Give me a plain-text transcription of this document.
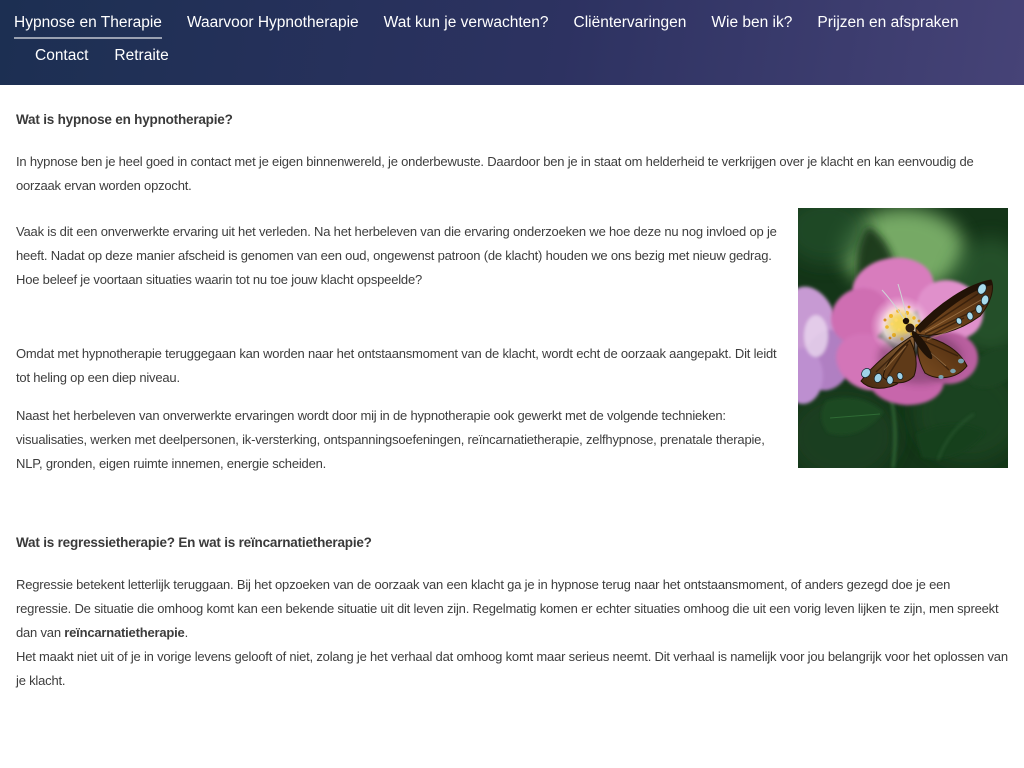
Hypnose en Therapie Waarvoor Hypnotherapie Wat kun je verwachten? Cliëntervaringen Wie ben ik? Prijzen en afspraken
Contact Retraite
Wat is hypnose en hypnotherapie?

In hypnose ben je heel goed in contact met je eigen binnenwereld, je onderbewuste. Daardoor ben je in staat om helderheid te verkrijgen over je klacht en kan eenvoudig de oorzaak ervan worden opzocht.

Vaak is dit een onverwerkte ervaring uit het verleden. Na het herbeleven van die ervaring onderzoeken we hoe deze nu nog invloed op je heeft. Nadat op deze manier afscheid is genomen van een oud, ongewenst patroon (de klacht) houden we ons bezig met nieuw gedrag. Hoe beleef je voortaan situaties waarin tot nu toe jouw klacht opspeelde?

Omdat met hypnotherapie teruggegaan kan worden naar het ontstaansmoment van de klacht, wordt echt de oorzaak aangepakt. Dit leidt tot heling op een diep niveau.

Naast het herbeleven van onverwerkte ervaringen wordt door mij in de hypnotherapie ook gewerkt met de volgende technieken: visualisaties, werken met deelpersonen, ik-versterking, ontspanningsoefeningen, reïncarnatietherapie, zelfhypnose, prenatale therapie, NLP, gronden, eigen ruimte innemen, energie scheiden.

Wat is regressietherapie? En wat is reïncarnatietherapie?

Regressie betekent letterlijk teruggaan. Bij het opzoeken van de oorzaak van een klacht ga je in hypnose terug naar het ontstaansmoment, of anders gezegd doe je een regressie. De situatie die omhoog komt kan een bekende situatie uit dit leven zijn. Regelmatig komen er echter situaties omhoog die uit een vorig leven lijken te zijn, men spreekt dan van reïncarnatietherapie.
Het maakt niet uit of je in vorige levens gelooft of niet, zolang je het verhaal dat omhoog komt maar serieus neemt. Dit verhaal is namelijk voor jou belangrijk voor het oplossen van je klacht.
